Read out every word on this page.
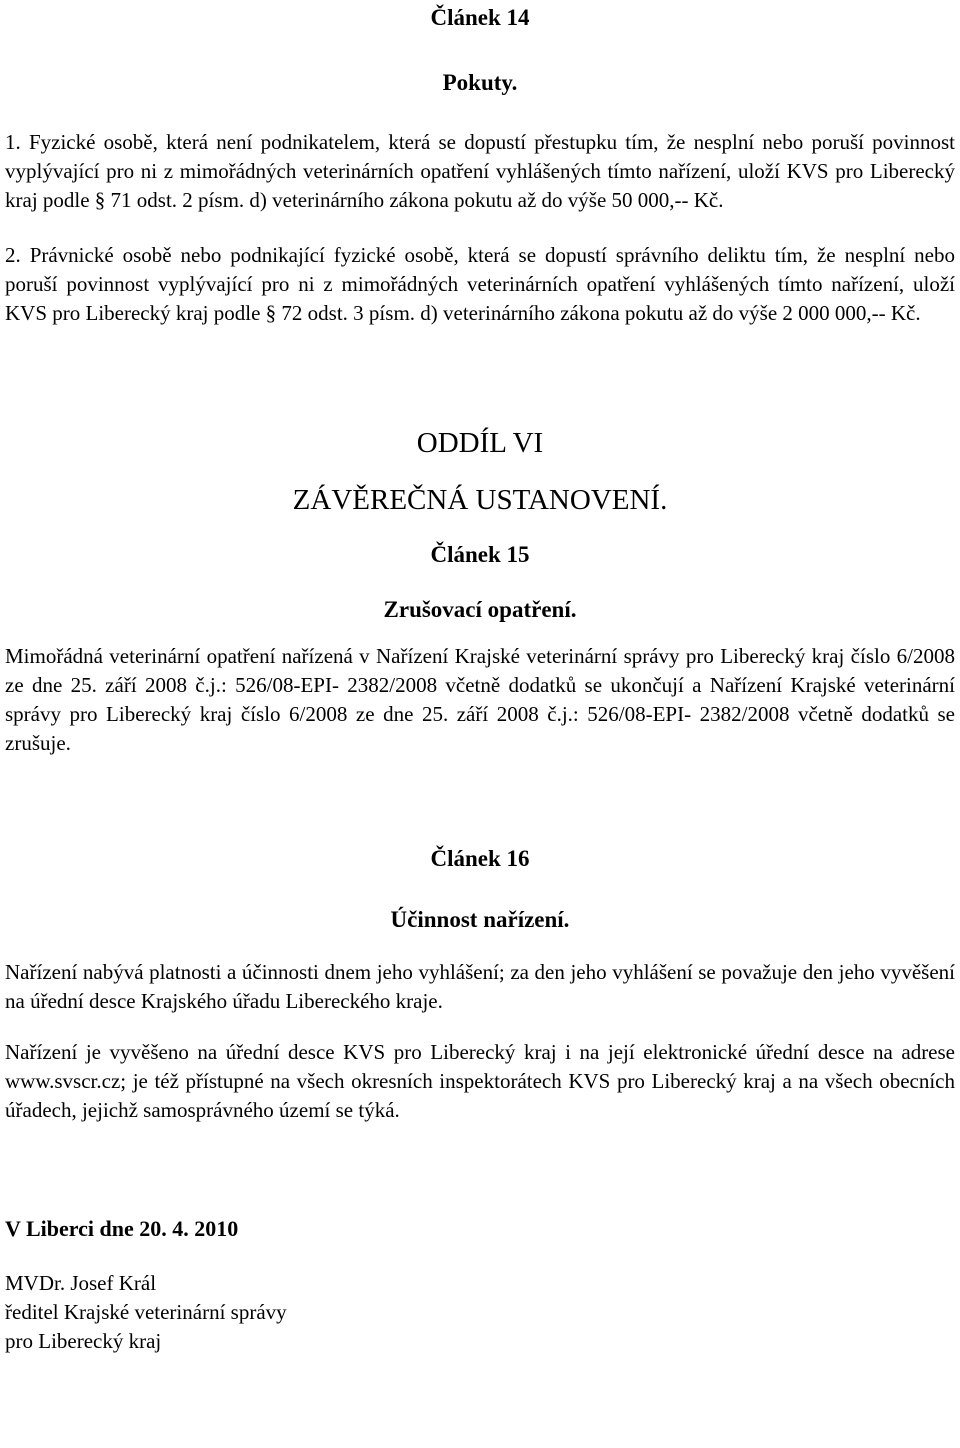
Článek 14
Pokuty.

1. Fyzické osobě, která není podnikatelem, která se dopustí přestupku tím, že nesplní nebo poruší povinnost vyplývající pro ni z mimořádných veterinárních opatření vyhlášených tímto nařízení, uloží KVS pro Liberecký kraj podle § 71 odst. 2 písm. d) veterinárního zákona pokutu až do výše 50 000,-- Kč.

2. Právnické osobě nebo podnikající fyzické osobě, která se dopustí správního deliktu tím, že nesplní nebo poruší povinnost vyplývající pro ni z mimořádných veterinárních opatření vyhlášených tímto nařízení, uloží KVS pro Liberecký kraj podle § 72 odst. 3 písm. d) veterinárního zákona pokutu až do výše 2 000 000,-- Kč.

ODDÍL VI
ZÁVĚREČNÁ USTANOVENÍ.
Článek 15
Zrušovací opatření.

Mimořádná veterinární opatření nařízená v Nařízení Krajské veterinární správy pro Liberecký kraj číslo 6/2008 ze dne 25. září 2008 č.j.: 526/08-EPI- 2382/2008 včetně dodatků se ukončují a Nařízení Krajské veterinární správy pro Liberecký kraj číslo 6/2008 ze dne 25. září 2008 č.j.: 526/08-EPI- 2382/2008 včetně dodatků se zrušuje.

Článek 16
Účinnost nařízení.

Nařízení nabývá platnosti a účinnosti dnem jeho vyhlášení; za den jeho vyhlášení se považuje den jeho vyvěšení na úřední desce Krajského úřadu Libereckého kraje.

Nařízení je vyvěšeno na úřední desce KVS pro Liberecký kraj i na její elektronické úřední desce na adrese www.svscr.cz; je též přístupné na všech okresních inspektorátech KVS pro Liberecký kraj a na všech obecních úřadech, jejichž samosprávného území se týká.

V Liberci dne 20. 4. 2010

MVDr. Josef Král

ředitel Krajské veterinární správy

pro Liberecký kraj
